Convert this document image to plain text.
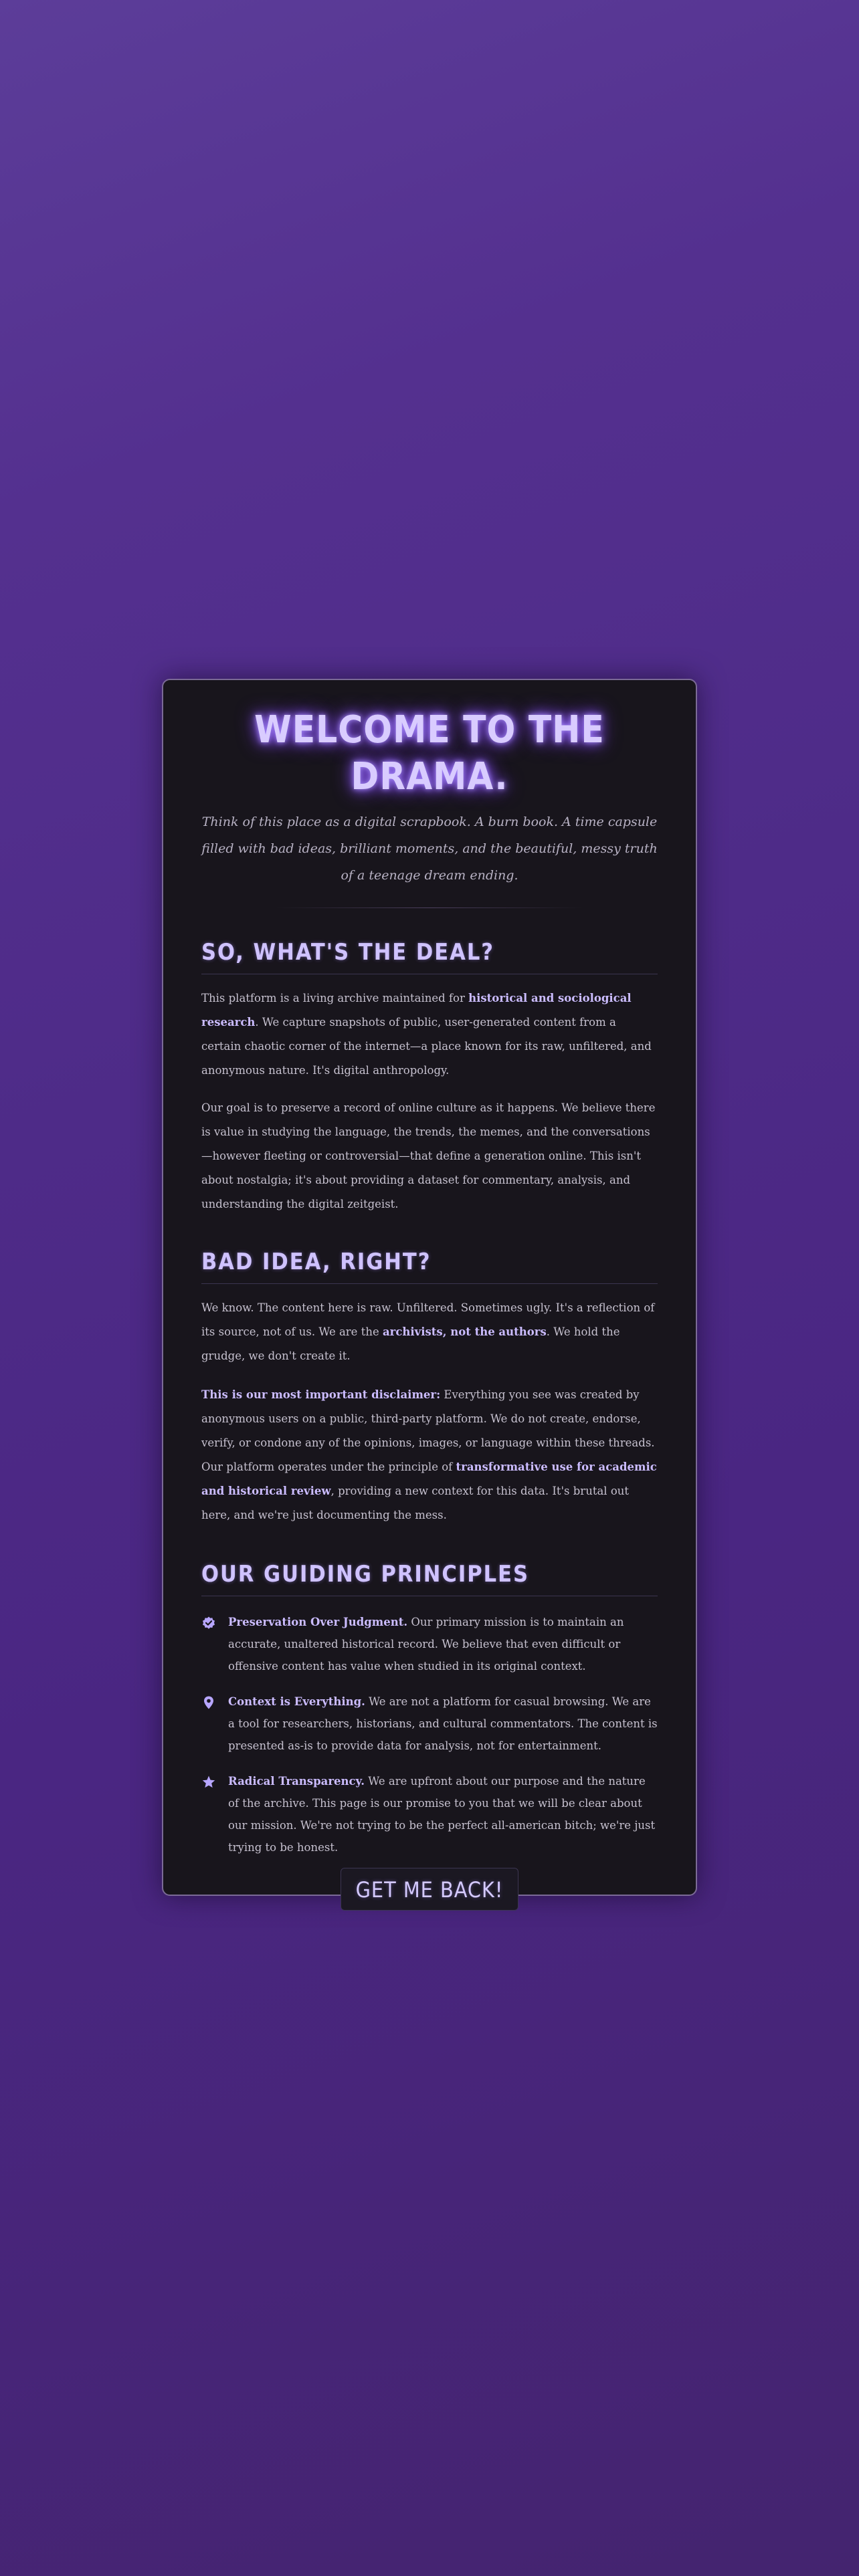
WELCOME TO THE DRAMA.

Think of this place as a digital scrapbook. A burn book. A time capsule filled with bad ideas, brilliant moments, and the beautiful, messy truth of a teenage dream ending.

SO, WHAT'S THE DEAL?

This platform is a living archive maintained for historical and sociological research. We capture snapshots of public, user-generated content from a certain chaotic corner of the internet—a place known for its raw, unfiltered, and anonymous nature. It's digital anthropology.

Our goal is to preserve a record of online culture as it happens. We believe there is value in studying the language, the trends, the memes, and the conversations—however fleeting or controversial—that define a generation online. This isn't about nostalgia; it's about providing a dataset for commentary, analysis, and understanding the digital zeitgeist.

BAD IDEA, RIGHT?

We know. The content here is raw. Unfiltered. Sometimes ugly. It's a reflection of its source, not of us. We are the archivists, not the authors. We hold the grudge, we don't create it.

This is our most important disclaimer: Everything you see was created by anonymous users on a public, third-party platform. We do not create, endorse, verify, or condone any of the opinions, images, or language within these threads. Our platform operates under the principle of transformative use for academic and historical review, providing a new context for this data. It's brutal out here, and we're just documenting the mess.

OUR GUIDING PRINCIPLES

Preservation Over Judgment. Our primary mission is to maintain an accurate, unaltered historical record. We believe that even difficult or offensive content has value when studied in its original context.

Context is Everything. We are not a platform for casual browsing. We are a tool for researchers, historians, and cultural commentators. The content is presented as-is to provide data for analysis, not for entertainment.

Radical Transparency. We are upfront about our purpose and the nature of the archive. This page is our promise to you that we will be clear about our mission. We're not trying to be the perfect all-american bitch; we're just trying to be honest.

GET ME BACK!
